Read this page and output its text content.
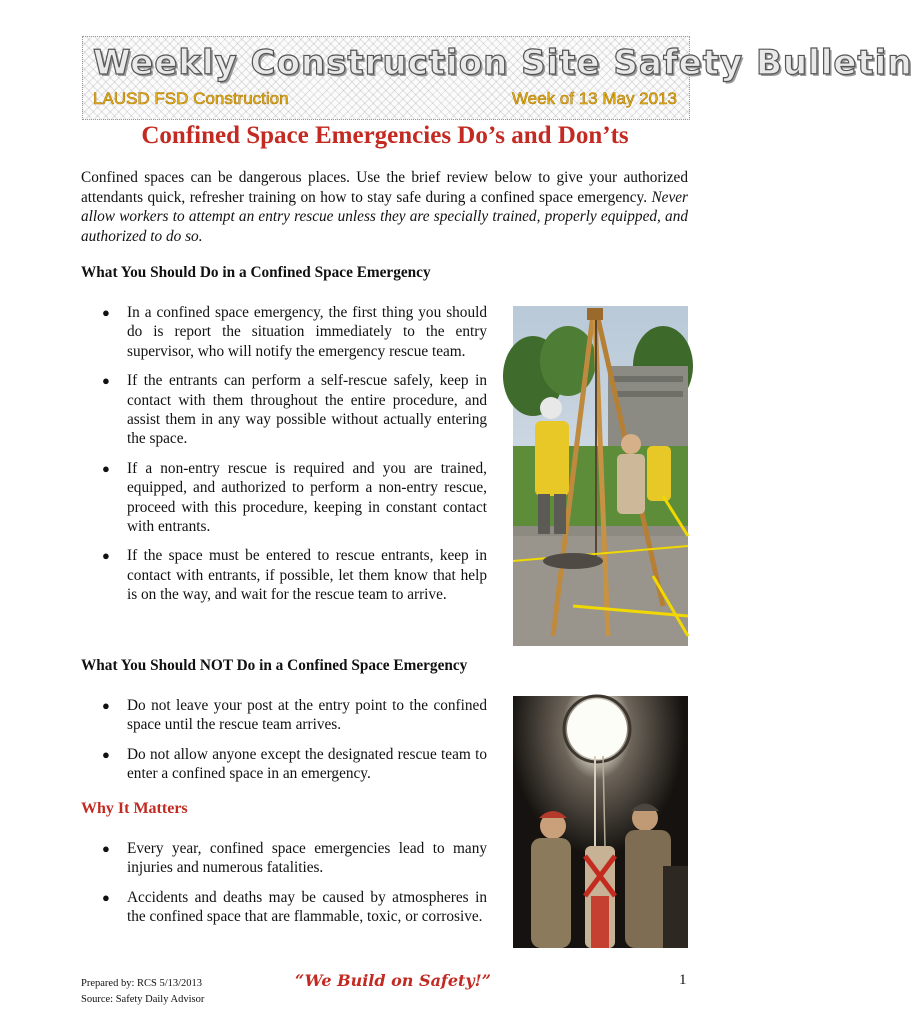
Weekly Construction Site Safety Bulletin
LAUSD FSD Construction	Week of 13 May 2013
Confined Space Emergencies Do’s and Don’ts
Confined spaces can be dangerous places. Use the brief review below to give your authorized attendants quick, refresher training on how to stay safe during a confined space emergency. Never allow workers to attempt an entry rescue unless they are specially trained, properly equipped, and authorized to do so.
What You Should Do in a Confined Space Emergency
● In a confined space emergency, the first thing you should do is report the situation immediately to the entry supervisor, who will notify the emergency rescue team.
● If the entrants can perform a self-rescue safely, keep in contact with them throughout the entire procedure, and assist them in any way possible without actually entering the space.
● If a non-entry rescue is required and you are trained, equipped, and authorized to perform a non-entry rescue, proceed with this procedure, keeping in constant contact with entrants.
● If the space must be entered to rescue entrants, keep in contact with entrants, if possible, let them know that help is on the way, and wait for the rescue team to arrive.
What You Should NOT Do in a Confined Space Emergency
● Do not leave your post at the entry point to the confined space until the rescue team arrives.
● Do not allow anyone except the designated rescue team to enter a confined space in an emergency.
Why It Matters
● Every year, confined space emergencies lead to many injuries and numerous fatalities.
● Accidents and deaths may be caused by atmospheres in the confined space that are flammable, toxic, or corrosive.
Prepared by: RCS 5/13/2013
Source: Safety Daily Advisor
“We Build on Safety!”	1
